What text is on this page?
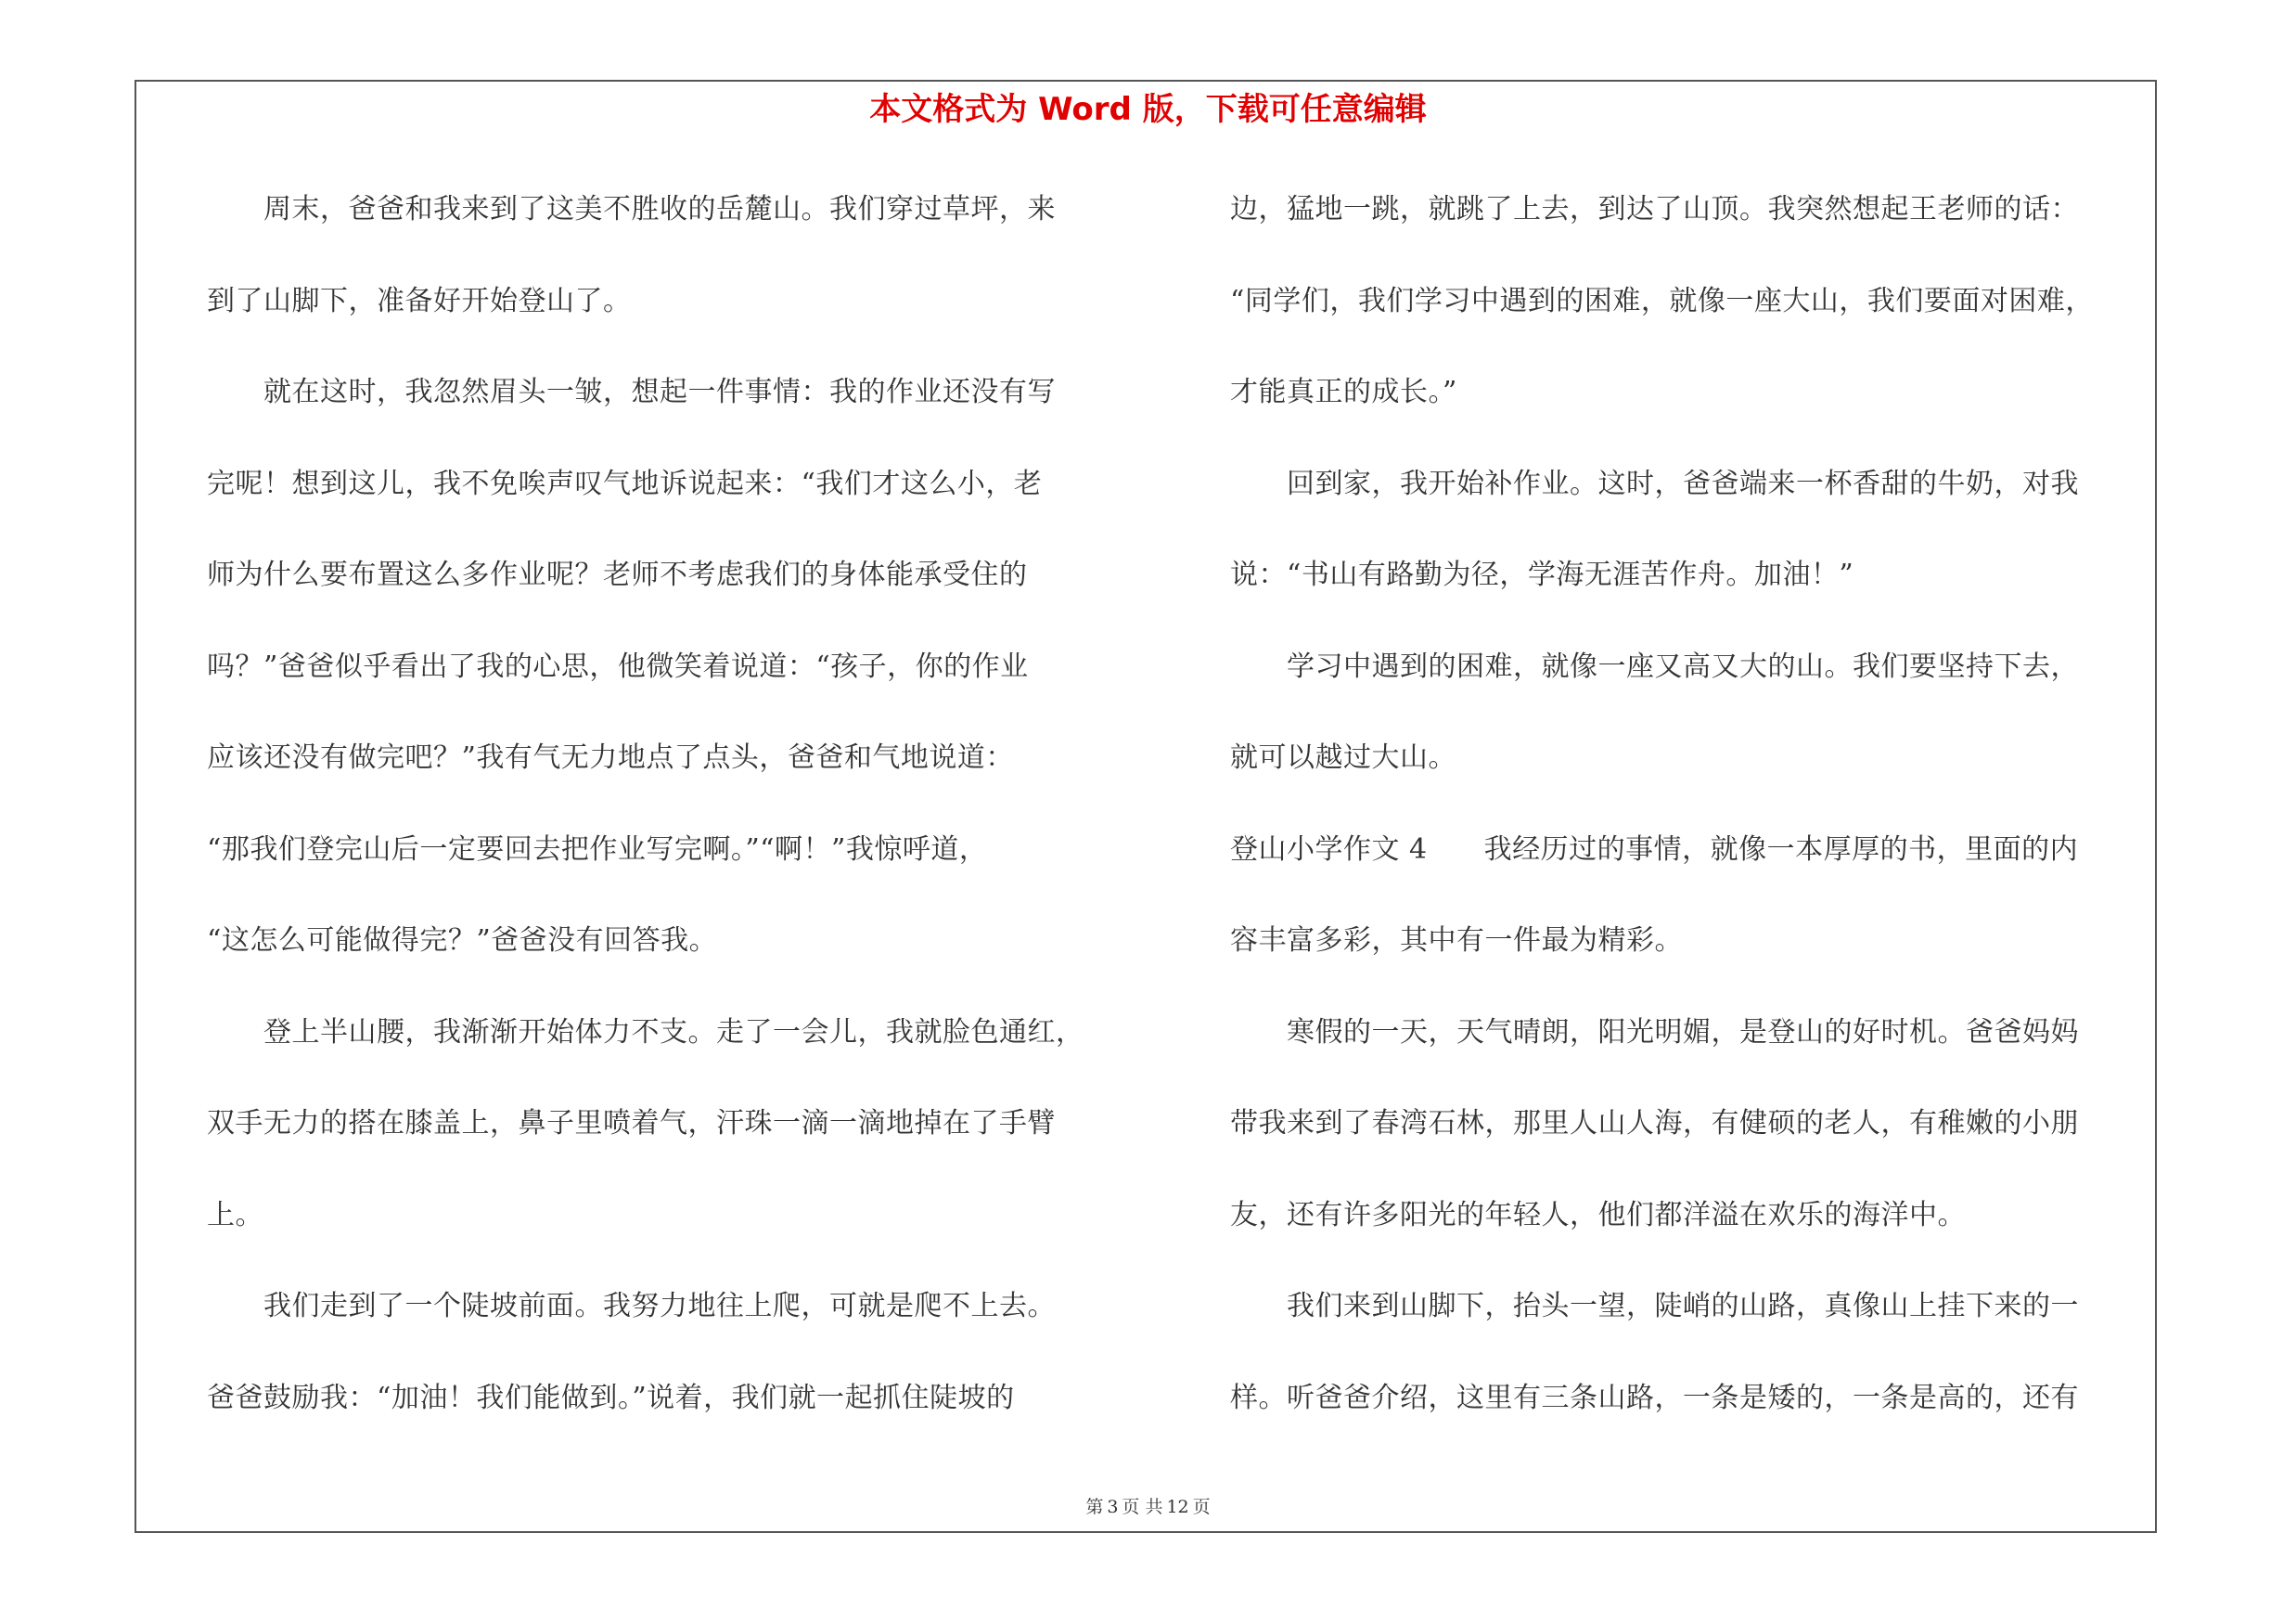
本文格式为 Word 版，下载可任意编辑
　　周末，爸爸和我来到了这美不胜收的岳麓山。我们穿过草坪，来
到了山脚下，准备好开始登山了。
　　就在这时，我忽然眉头一皱，想起一件事情：我的作业还没有写
完呢！想到这儿，我不免唉声叹气地诉说起来：“我们才这么小，老
师为什么要布置这么多作业呢？老师不考虑我们的身体能承受住的
吗？”爸爸似乎看出了我的心思，他微笑着说道：“孩子，你的作业
应该还没有做完吧？”我有气无力地点了点头，爸爸和气地说道：
“那我们登完山后一定要回去把作业写完啊。”“啊！”我惊呼道，
“这怎么可能做得完？”爸爸没有回答我。
　　登上半山腰，我渐渐开始体力不支。走了一会儿，我就脸色通红，
双手无力的搭在膝盖上，鼻子里喷着气，汗珠一滴一滴地掉在了手臂
上。
　　我们走到了一个陡坡前面。我努力地往上爬，可就是爬不上去。
爸爸鼓励我：“加油！我们能做到。”说着，我们就一起抓住陡坡的
边，猛地一跳，就跳了上去，到达了山顶。我突然想起王老师的话：
“同学们，我们学习中遇到的困难，就像一座大山，我们要面对困难，
才能真正的成长。”
　　回到家，我开始补作业。这时，爸爸端来一杯香甜的牛奶，对我
说：“书山有路勤为径，学海无涯苦作舟。加油！”
　　学习中遇到的困难，就像一座又高又大的山。我们要坚持下去，
就可以越过大山。
登山小学作文 4　　我经历过的事情，就像一本厚厚的书，里面的内
容丰富多彩，其中有一件最为精彩。
　　寒假的一天，天气晴朗，阳光明媚，是登山的好时机。爸爸妈妈
带我来到了春湾石林，那里人山人海，有健硕的老人，有稚嫩的小朋
友，还有许多阳光的年轻人，他们都洋溢在欢乐的海洋中。
　　我们来到山脚下，抬头一望，陡峭的山路，真像山上挂下来的一
样。听爸爸介绍，这里有三条山路，一条是矮的，一条是高的，还有
第 3 页 共 12 页
